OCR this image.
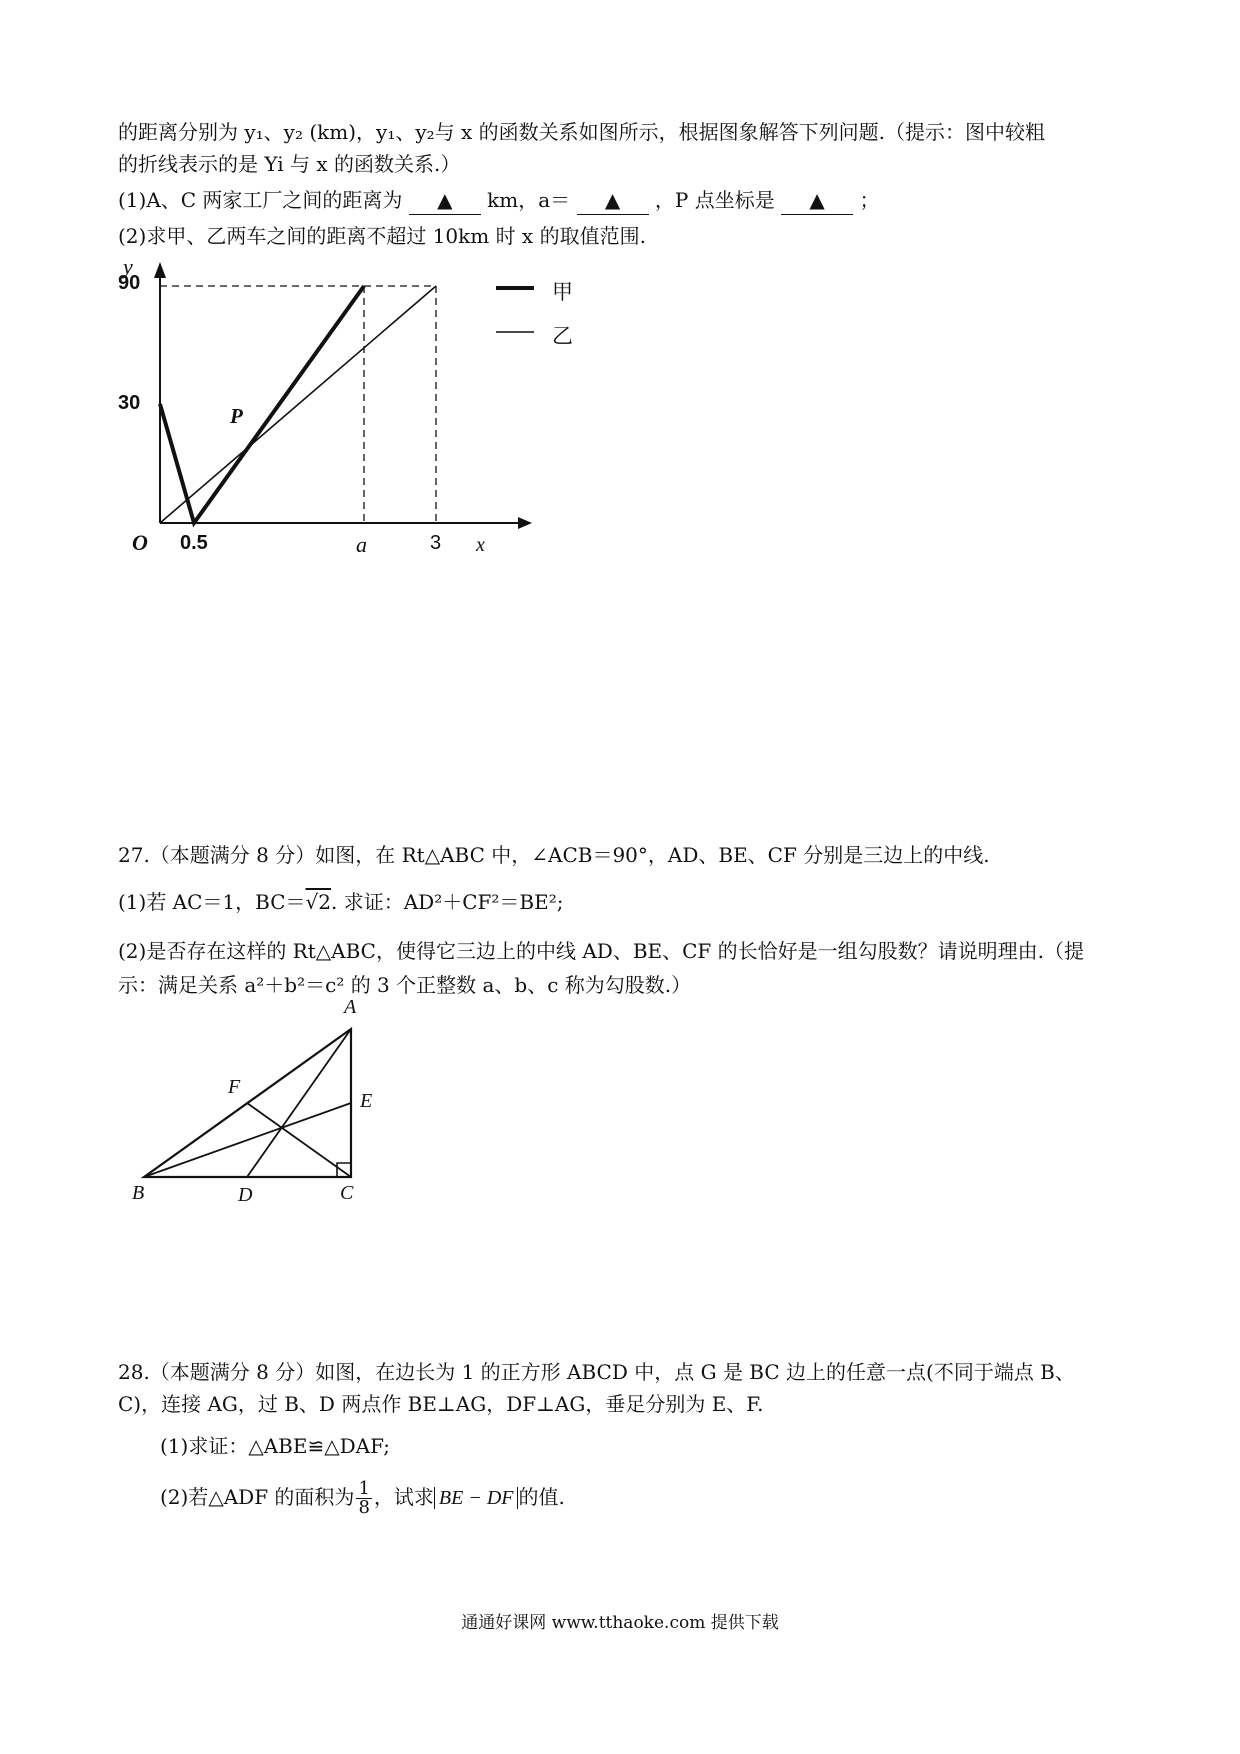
的距离分别为 y₁、y₂ (km)，y₁、y₂与 x 的函数关系如图所示，根据图象解答下列问题.（提示：图中较粗
的折线表示的是 Yi 与 x 的函数关系.）
(1)A、C 两家工厂之间的距离为 ▲ km，a＝ ▲ ，P 点坐标是 ▲ ；
(2)求甲、乙两车之间的距离不超过 10km 时 x 的取值范围.
y
90
30
O 0.5	a	3 x
P
甲
乙
27.（本题满分 8 分）如图，在 Rt△ABC 中，∠ACB＝90°，AD、BE、CF 分别是三边上的中线.
(1)若 AC＝1，BC＝√2. 求证：AD²＋CF²＝BE²;
(2)是否存在这样的 Rt△ABC，使得它三边上的中线 AD、BE、CF 的长恰好是一组勾股数？请说明理由.（提
示：满足关系 a²＋b²＝c² 的 3 个正整数 a、b、c 称为勾股数.）
A
B	C
D
E
F
28.（本题满分 8 分）如图，在边长为 1 的正方形 ABCD 中，点 G 是 BC 边上的任意一点(不同于端点 B、
C)，连接 AG，过 B、D 两点作 BE⊥AG，DF⊥AG，垂足分别为 E、F.
(1)求证：△ABE≌△DAF;
(2)若△ADF 的面积为 $\frac{1}{8}$ ，试求 BE − DF 的值.
通通好课网 www.tthaoke.com 提供下载
